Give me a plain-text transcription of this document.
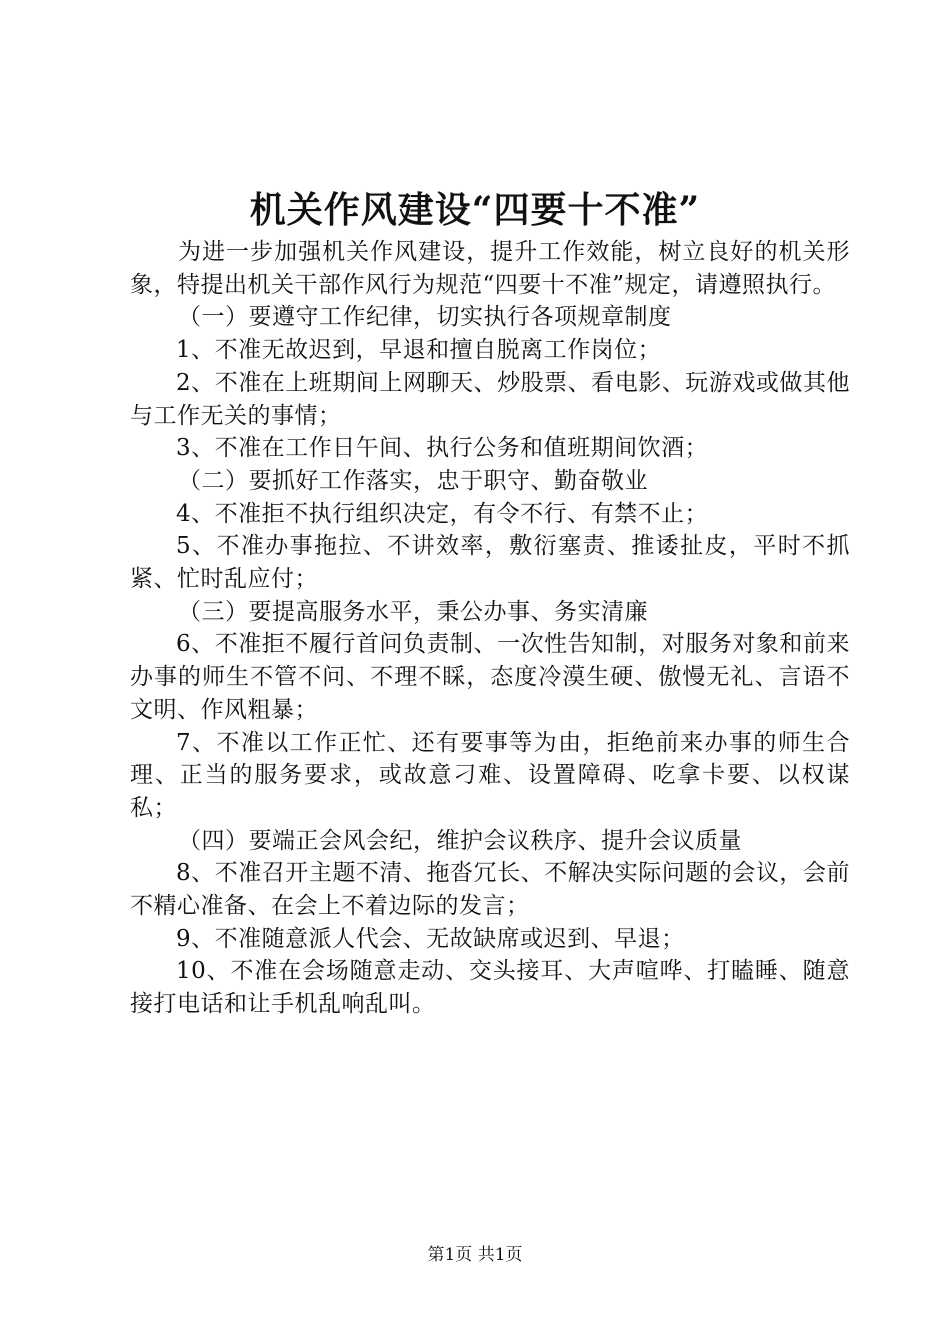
机关作风建设“四要十不准”

为进一步加强机关作风建设，提升工作效能，树立良好的机关形象，特提出机关干部作风行为规范“四要十不准”规定，请遵照执行。

（一）要遵守工作纪律，切实执行各项规章制度

1、不准无故迟到，早退和擅自脱离工作岗位；

2、不准在上班期间上网聊天、炒股票、看电影、玩游戏或做其他与工作无关的事情；

3、不准在工作日午间、执行公务和值班期间饮酒；

（二）要抓好工作落实，忠于职守、勤奋敬业

4、不准拒不执行组织决定，有令不行、有禁不止；

5、不准办事拖拉、不讲效率，敷衍塞责、推诿扯皮，平时不抓紧、忙时乱应付；

（三）要提高服务水平，秉公办事、务实清廉

6、不准拒不履行首问负责制、一次性告知制，对服务对象和前来办事的师生不管不问、不理不睬，态度冷漠生硬、傲慢无礼、言语不文明、作风粗暴；

7、不准以工作正忙、还有要事等为由，拒绝前来办事的师生合理、正当的服务要求，或故意刁难、设置障碍、吃拿卡要、以权谋私；

（四）要端正会风会纪，维护会议秩序、提升会议质量

8、不准召开主题不清、拖沓冗长、不解决实际问题的会议，会前不精心准备、在会上不着边际的发言；

9、不准随意派人代会、无故缺席或迟到、早退；

10、不准在会场随意走动、交头接耳、大声喧哗、打瞌睡、随意接打电话和让手机乱响乱叫。

第1页 共1页
